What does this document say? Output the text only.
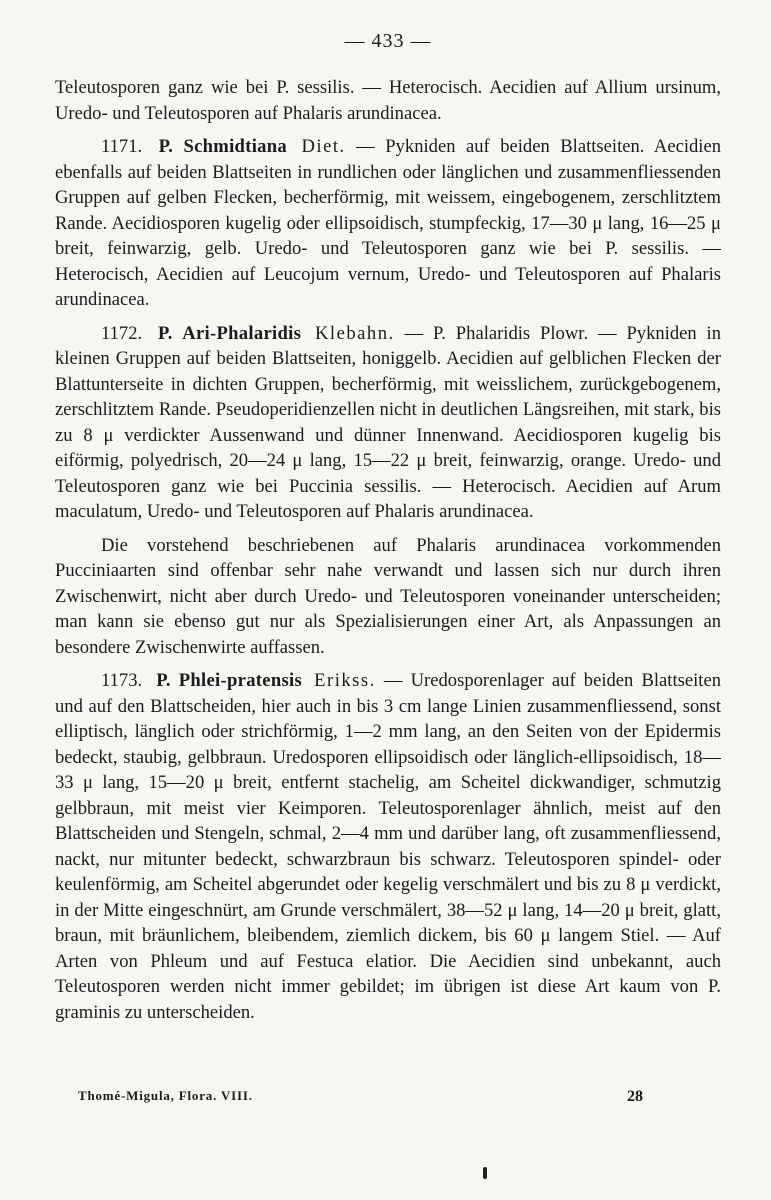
— 433 —

Teleutosporen ganz wie bei P. sessilis. — Heterocisch. Aecidien auf Allium ursinum, Uredo- und Teleutosporen auf Phalaris arundinacea.

1171. P. Schmidtiana Diet. — Pykniden auf beiden Blattseiten. Aecidien ebenfalls auf beiden Blattseiten in rundlichen oder länglichen und zusammenfliessenden Gruppen auf gelben Flecken, becherförmig, mit weissem, eingebogenem, zerschlitztem Rande. Aecidiosporen kugelig oder ellipsoidisch, stumpfeckig, 17—30 μ lang, 16—25 μ breit, feinwarzig, gelb. Uredo- und Teleutosporen ganz wie bei P. sessilis. — Heterocisch, Aecidien auf Leucojum vernum, Uredo- und Teleutosporen auf Phalaris arundinacea.

1172. P. Ari-Phalaridis Klebahn. — P. Phalaridis Plowr. — Pykniden in kleinen Gruppen auf beiden Blattseiten, honiggelb. Aecidien auf gelblichen Flecken der Blattunterseite in dichten Gruppen, becherförmig, mit weisslichem, zurückgebogenem, zerschlitztem Rande. Pseudoperidienzellen nicht in deutlichen Längsreihen, mit stark, bis zu 8 μ verdickter Aussenwand und dünner Innenwand. Aecidiosporen kugelig bis eiförmig, polyedrisch, 20—24 μ lang, 15—22 μ breit, feinwarzig, orange. Uredo- und Teleutosporen ganz wie bei Puccinia sessilis. — Heterocisch. Aecidien auf Arum maculatum, Uredo- und Teleutosporen auf Phalaris arundinacea.

Die vorstehend beschriebenen auf Phalaris arundinacea vorkommenden Pucciniaarten sind offenbar sehr nahe verwandt und lassen sich nur durch ihren Zwischenwirt, nicht aber durch Uredo- und Teleutosporen voneinander unterscheiden; man kann sie ebenso gut nur als Spezialisierungen einer Art, als Anpassungen an besondere Zwischenwirte auffassen.

1173. P. Phlei-pratensis Erikss. — Uredosporenlager auf beiden Blattseiten und auf den Blattscheiden, hier auch in bis 3 cm lange Linien zusammenfliessend, sonst elliptisch, länglich oder strichförmig, 1—2 mm lang, an den Seiten von der Epidermis bedeckt, staubig, gelbbraun. Uredosporen ellipsoidisch oder länglich-ellipsoidisch, 18—33 μ lang, 15—20 μ breit, entfernt stachelig, am Scheitel dickwandiger, schmutzig gelbbraun, mit meist vier Keimporen. Teleutosporenlager ähnlich, meist auf den Blattscheiden und Stengeln, schmal, 2—4 mm und darüber lang, oft zusammenfliessend, nackt, nur mitunter bedeckt, schwarzbraun bis schwarz. Teleutosporen spindel- oder keulenförmig, am Scheitel abgerundet oder kegelig verschmälert und bis zu 8 μ verdickt, in der Mitte eingeschnürt, am Grunde verschmälert, 38—52 μ lang, 14—20 μ breit, glatt, braun, mit bräunlichem, bleibendem, ziemlich dickem, bis 60 μ langem Stiel. — Auf Arten von Phleum und auf Festuca elatior. Die Aecidien sind unbekannt, auch Teleutosporen werden nicht immer gebildet; im übrigen ist diese Art kaum von P. graminis zu unterscheiden.

Thomé-Migula, Flora. VIII.	28
